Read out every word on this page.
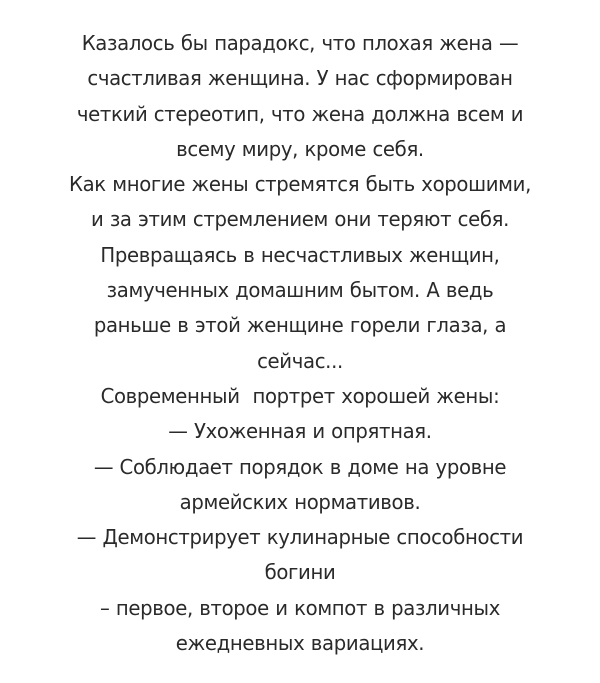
Казалось бы парадокс, что плохая жена —
счастливая женщина. У нас сформирован
четкий стереотип, что жена должна всем и
всему миру, кроме себя.
Как многие жены стремятся быть хорошими,
и за этим стремлением они теряют себя.
Превращаясь в несчастливых женщин,
замученных домашним бытом. А ведь
раньше в этой женщине горели глаза, а
сейчас...
Современный  портрет хорошей жены:
— Ухоженная и опрятная.
— Соблюдает порядок в доме на уровне
армейских нормативов.
— Демонстрирует кулинарные способности
богини
– первое, второе и компот в различных
ежедневных вариациях.
